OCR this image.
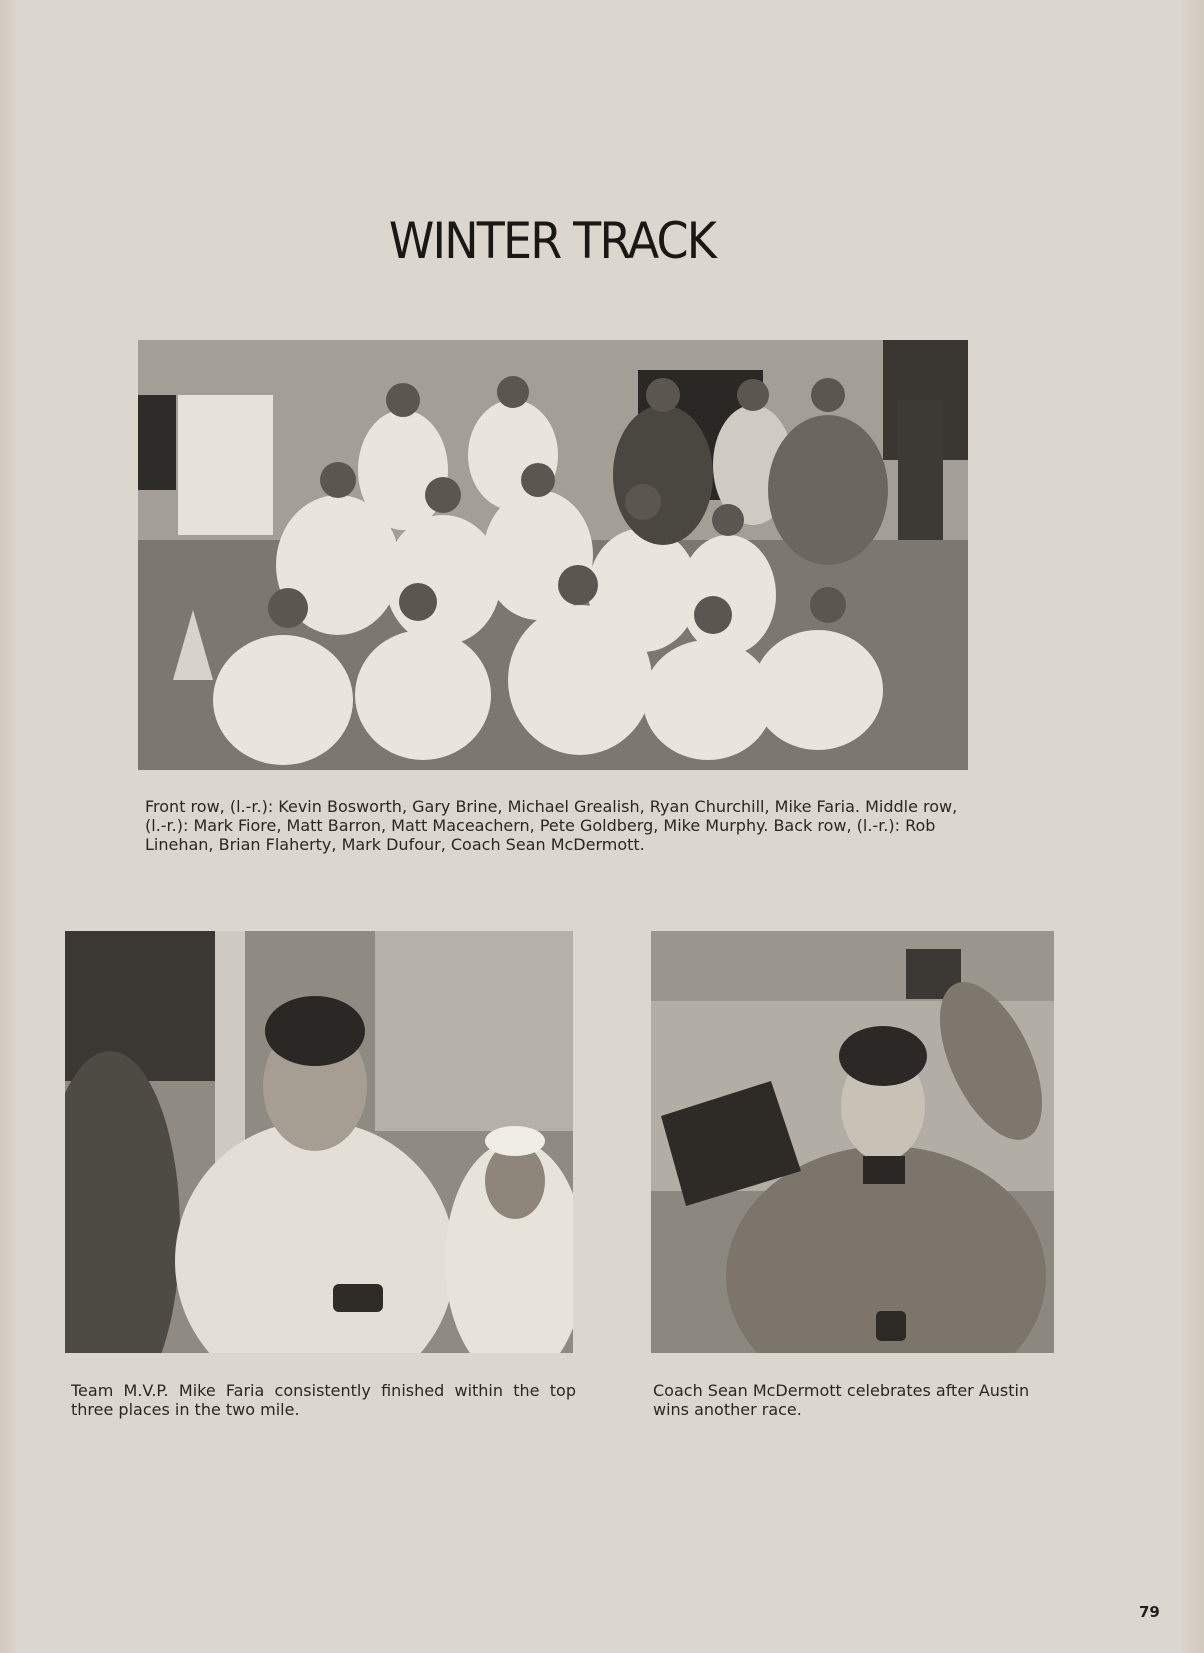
WINTER TRACK

Front row, (l.-r.): Kevin Bosworth, Gary Brine, Michael Grealish, Ryan Churchill, Mike Faria. Middle row, (l.-r.): Mark Fiore, Matt Barron, Matt Maceachern, Pete Goldberg, Mike Murphy. Back row, (l.-r.): Rob Linehan, Brian Flaherty, Mark Dufour, Coach Sean McDermott.

Team M.V.P. Mike Faria consistently finished within the top three places in the two mile.

Coach Sean McDermott celebrates after Austin wins another race.

79
